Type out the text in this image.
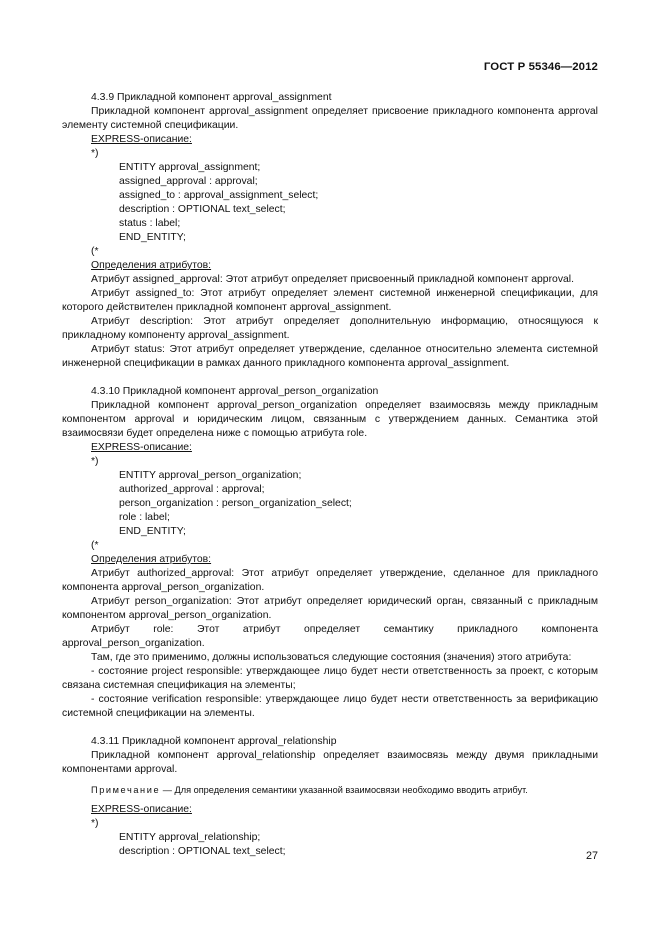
ГОСТ Р 55346—2012

4.3.9 Прикладной компонент approval_assignment

Прикладной компонент approval_assignment определяет присвоение прикладного компонента approval элементу системной спецификации.

EXPRESS-описание:

*)

ENTITY approval_assignment;

assigned_approval : approval;

assigned_to : approval_assignment_select;

description : OPTIONAL text_select;

status : label;

END_ENTITY;

(*

Определения атрибутов:

Атрибут assigned_approval: Этот атрибут определяет присвоенный прикладной компонент approval.

Атрибут assigned_to: Этот атрибут определяет элемент системной инженерной спецификации, для которого действителен прикладной компонент approval_assignment.

Атрибут description: Этот атрибут определяет дополнительную информацию, относящуюся к прикладному компоненту approval_assignment.

Атрибут status: Этот атрибут определяет утверждение, сделанное относительно элемента системной инженерной спецификации в рамках данного прикладного компонента approval_assignment.

4.3.10 Прикладной компонент approval_person_organization

Прикладной компонент approval_person_organization определяет взаимосвязь между прикладным компонентом approval и юридическим лицом, связанным с утверждением данных. Семантика этой взаимосвязи будет определена ниже с помощью атрибута role.

EXPRESS-описание:

*)

ENTITY approval_person_organization;

authorized_approval : approval;

person_organization : person_organization_select;

role : label;

END_ENTITY;

(*

Определения атрибутов:

Атрибут authorized_approval: Этот атрибут определяет утверждение, сделанное для прикладного компонента approval_person_organization.

Атрибут person_organization: Этот атрибут определяет юридический орган, связанный с прикладным компонентом approval_person_organization.

Атрибут role: Этот атрибут определяет семантику прикладного компонента approval_person_organization.

Там, где это применимо, должны использоваться следующие состояния (значения) этого атрибута:

- состояние project responsible: утверждающее лицо будет нести ответственность за проект, с которым связана системная спецификация на элементы;

- состояние verification responsible: утверждающее лицо будет нести ответственность за верификацию системной спецификации на элементы.

4.3.11 Прикладной компонент approval_relationship

Прикладной компонент approval_relationship определяет взаимосвязь между двумя прикладными компонентами approval.

Примечание — Для определения семантики указанной взаимосвязи необходимо вводить атрибут.

EXPRESS-описание:

*)

ENTITY approval_relationship;

description : OPTIONAL text_select;	27
